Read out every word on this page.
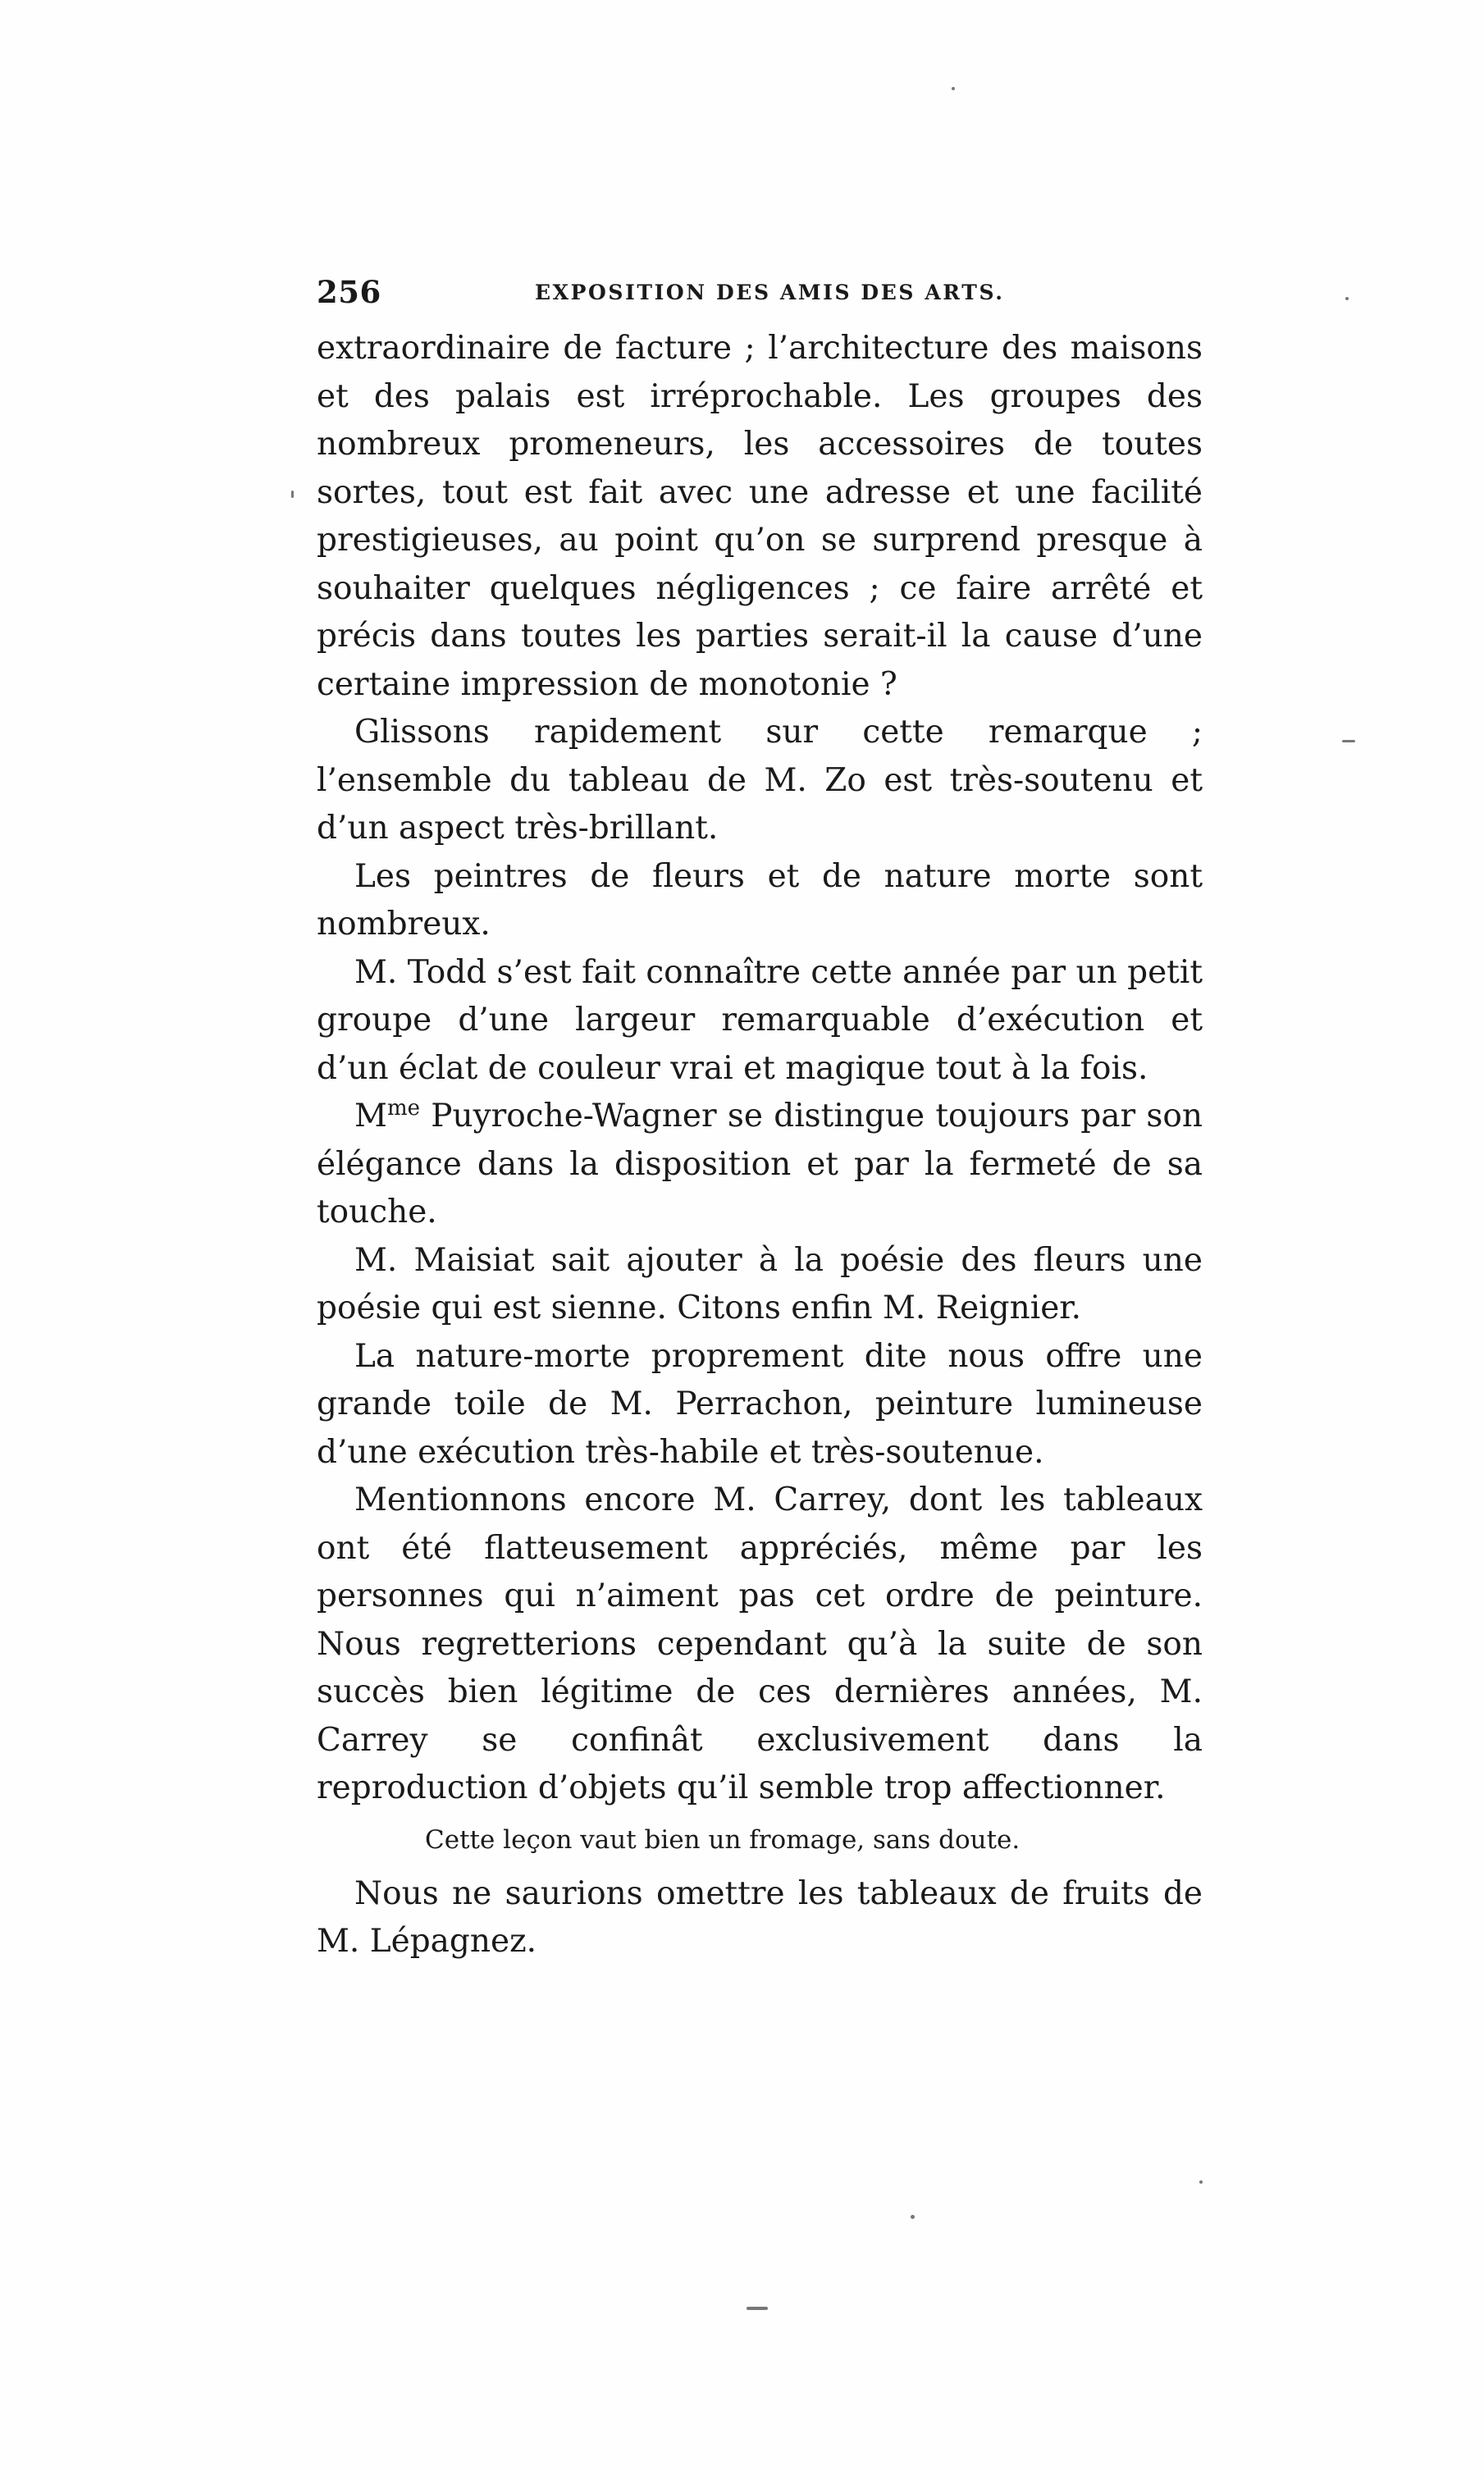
256	EXPOSITION DES AMIS DES ARTS.

extraordinaire de facture ; l’architecture des maisons et des palais est irréprochable. Les groupes des nombreux promeneurs, les accessoires de toutes sortes, tout est fait avec une adresse et une facilité prestigieuses, au point qu’on se surprend presque à souhaiter quelques négligences ; ce faire arrêté et précis dans toutes les parties serait-il la cause d’une certaine impression de monotonie ?

Glissons rapidement sur cette remarque ; l’ensemble du tableau de M. Zo est très-soutenu et d’un aspect très-brillant.

Les peintres de fleurs et de nature morte sont nombreux.

M. Todd s’est fait connaître cette année par un petit groupe d’une largeur remarquable d’exécution et d’un éclat de couleur vrai et magique tout à la fois.

$M^{me}$ Puyroche-Wagner se distingue toujours par son élégance dans la disposition et par la fermeté de sa touche.

M. Maisiat sait ajouter à la poésie des fleurs une poésie qui est sienne. Citons enfin M. Reignier.

La nature-morte proprement dite nous offre une grande toile de M. Perrachon, peinture lumineuse d’une exécution très-habile et très-soutenue.

Mentionnons encore M. Carrey, dont les tableaux ont été flatteusement appréciés, même par les personnes qui n’aiment pas cet ordre de peinture. Nous regretterions cependant qu’à la suite de son succès bien légitime de ces dernières années, M. Carrey se confinât exclusivement dans la reproduction d’objets qu’il semble trop affectionner.

Cette leçon vaut bien un fromage, sans doute.

Nous ne saurions omettre les tableaux de fruits de M. Lépagnez.
